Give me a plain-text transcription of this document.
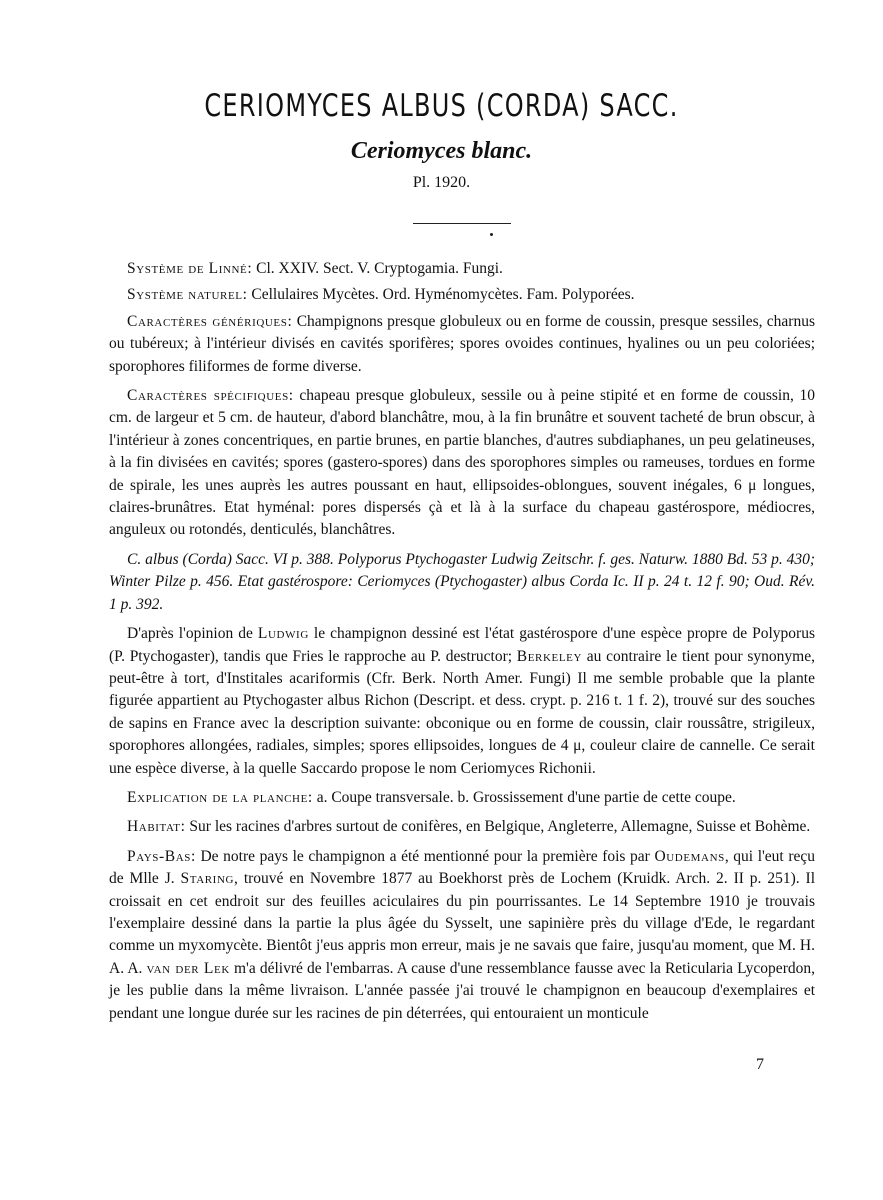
CERIOMYCES ALBUS (CORDA) SACC.
Ceriomyces blanc.
Pl. 1920.

Système de Linné: Cl. XXIV. Sect. V. Cryptogamia. Fungi.

Système naturel: Cellulaires Mycètes. Ord. Hyménomycètes. Fam. Polyporées.

Caractères génériques: Champignons presque globuleux ou en forme de coussin, presque sessiles, charnus ou tubéreux; à l'intérieur divisés en cavités sporifères; spores ovoides continues, hyalines ou un peu coloriées; sporophores filiformes de forme diverse.

Caractères spécifiques: chapeau presque globuleux, sessile ou à peine stipité et en forme de coussin, 10 cm. de largeur et 5 cm. de hauteur, d'abord blanchâtre, mou, à la fin brunâtre et souvent tacheté de brun obscur, à l'intérieur à zones concentriques, en partie brunes, en partie blanches, d'autres subdiaphanes, un peu gelatineuses, à la fin divisées en cavités; spores (gastero-spores) dans des sporophores simples ou rameuses, tordues en forme de spirale, les unes auprès les autres poussant en haut, ellipsoides-oblongues, souvent inégales, 6 μ longues, claires-brunâtres. Etat hyménal: pores dispersés çà et là à la surface du chapeau gastérospore, médiocres, anguleux ou rotondés, denticulés, blanchâtres.

C. albus (Corda) Sacc. VI p. 388. Polyporus Ptychogaster Ludwig Zeitschr. f. ges. Naturw. 1880 Bd. 53 p. 430; Winter Pilze p. 456. Etat gastérospore: Ceriomyces (Ptychogaster) albus Corda Ic. II p. 24 t. 12 f. 90; Oud. Rév. 1 p. 392.

D'après l'opinion de Ludwig le champignon dessiné est l'état gastérospore d'une espèce propre de Polyporus (P. Ptychogaster), tandis que Fries le rapproche au P. destructor; Berkeley au contraire le tient pour synonyme, peut-être à tort, d'Institales acariformis (Cfr. Berk. North Amer. Fungi) Il me semble probable que la plante figurée appartient au Ptychogaster albus Richon (Descript. et dess. crypt. p. 216 t. 1 f. 2), trouvé sur des souches de sapins en France avec la description suivante: obconique ou en forme de coussin, clair roussâtre, strigileux, sporophores allongées, radiales, simples; spores ellipsoides, longues de 4 μ, couleur claire de cannelle. Ce serait une espèce diverse, à la quelle Saccardo propose le nom Ceriomyces Richonii.

Explication de la planche: a. Coupe transversale. b. Grossissement d'une partie de cette coupe.

Habitat: Sur les racines d'arbres surtout de conifères, en Belgique, Angleterre, Allemagne, Suisse et Bohème.

Pays-Bas: De notre pays le champignon a été mentionné pour la première fois par Oudemans, qui l'eut reçu de Mlle J. Staring, trouvé en Novembre 1877 au Boekhorst près de Lochem (Kruidk. Arch. 2. II p. 251). Il croissait en cet endroit sur des feuilles aciculaires du pin pourrissantes. Le 14 Septembre 1910 je trouvais l'exemplaire dessiné dans la partie la plus âgée du Sysselt, une sapinière près du village d'Ede, le regardant comme un myxomycète. Bientôt j'eus appris mon erreur, mais je ne savais que faire, jusqu'au moment, que M. H. A. A. van der Lek m'a délivré de l'embarras. A cause d'une ressemblance fausse avec la Reticularia Lycoperdon, je les publie dans la même livraison. L'année passée j'ai trouvé le champignon en beaucoup d'exemplaires et pendant une longue durée sur les racines de pin déterrées, qui entouraient un monticule

7
